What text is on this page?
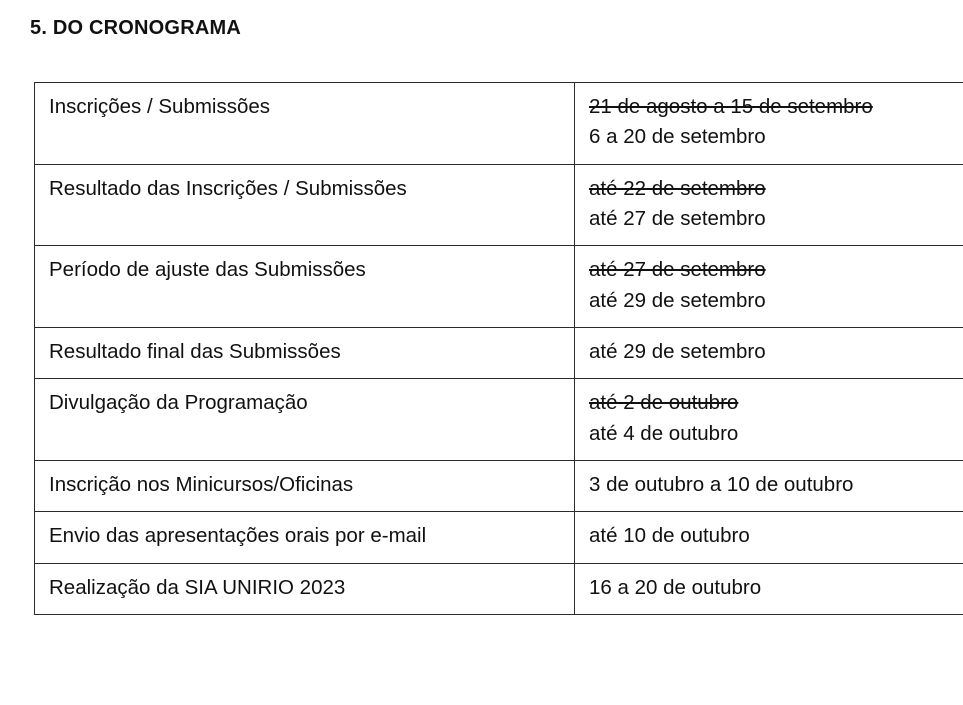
5. DO CRONOGRAMA
Inscrições / Submissões	21 de agosto a 15 de setembro
6 a 20 de setembro

Resultado das Inscrições / Submissões	até 22 de setembro
até 27 de setembro

Período de ajuste das Submissões	até 27 de setembro
até 29 de setembro

Resultado final das Submissões	até 29 de setembro

Divulgação da Programação	até 2 de outubro
até 4 de outubro

Inscrição nos Minicursos/Oficinas	3 de outubro a 10 de outubro

Envio das apresentações orais por e-mail	até 10 de outubro

Realização da SIA UNIRIO 2023	16 a 20 de outubro
